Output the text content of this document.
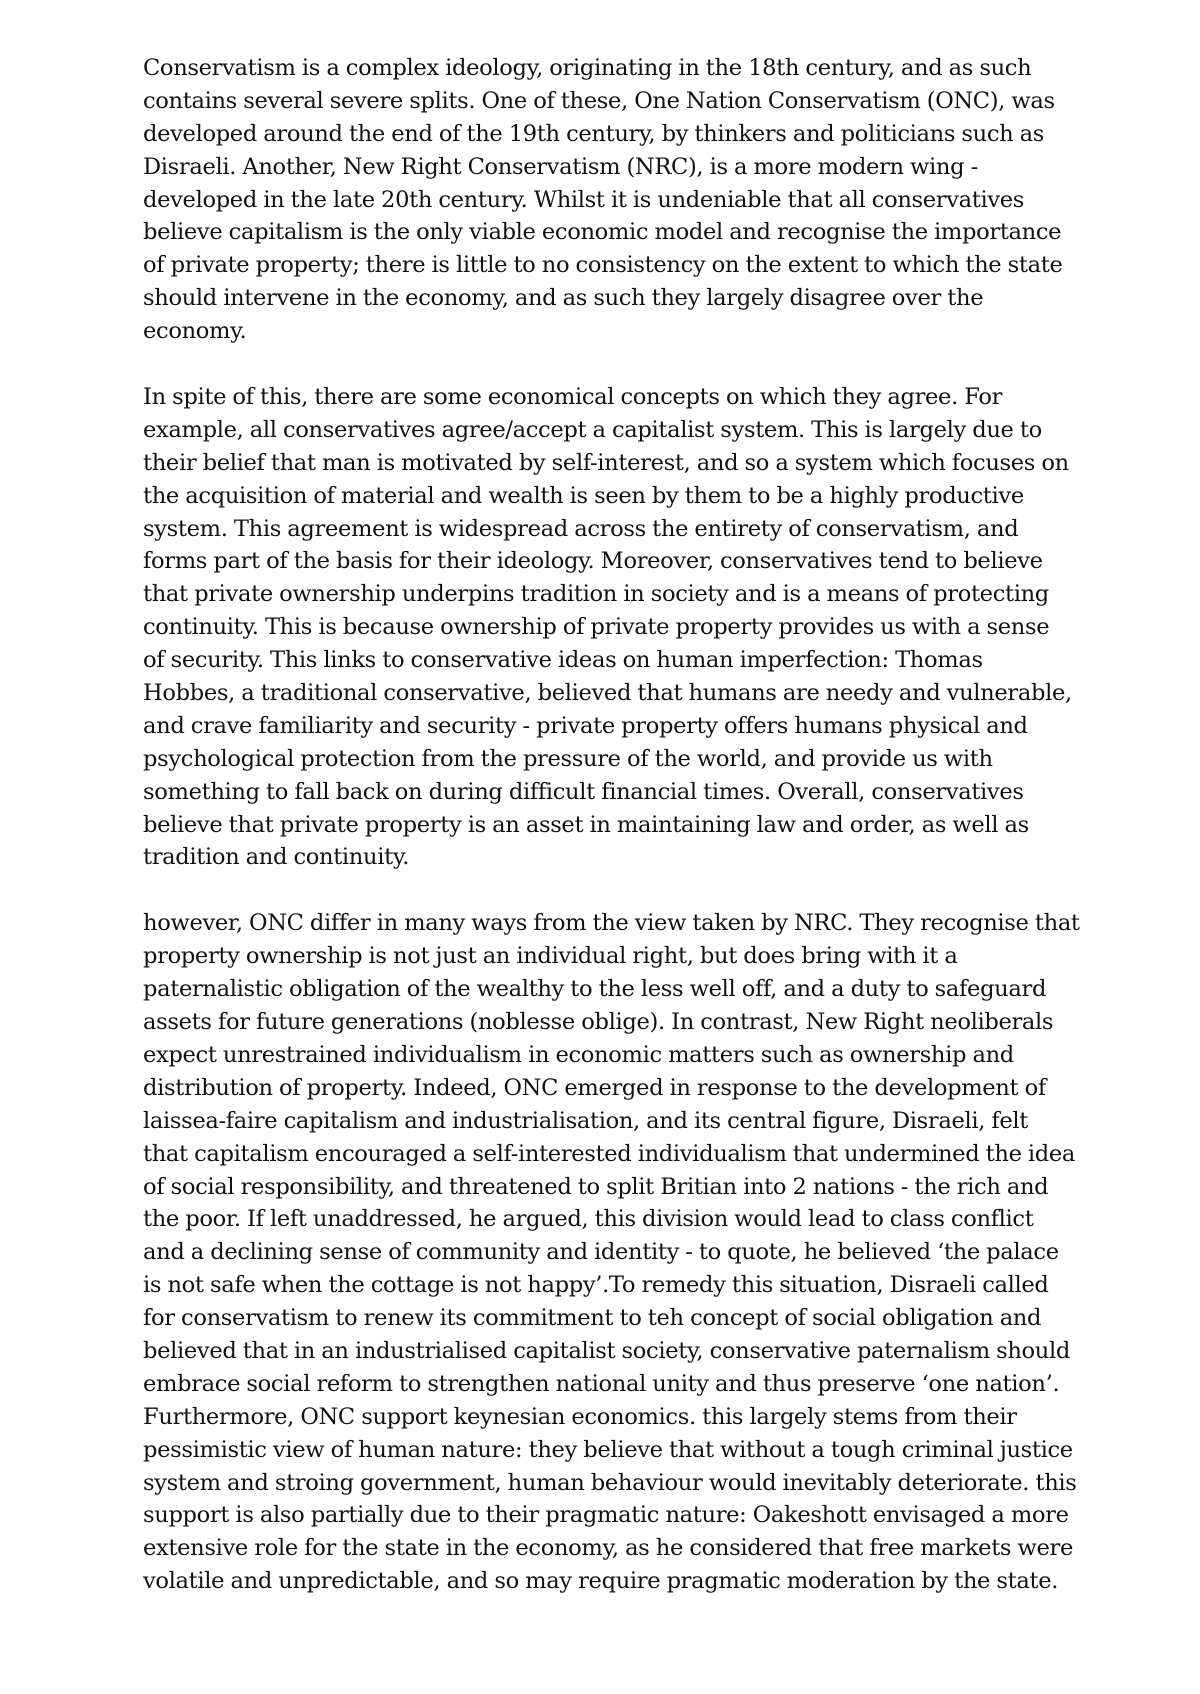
Conservatism is a complex ideology, originating in the 18th century, and as such
contains several severe splits. One of these, One Nation Conservatism (ONC), was
developed around the end of the 19th century, by thinkers and politicians such as
Disraeli. Another, New Right Conservatism (NRC), is a more modern wing -
developed in the late 20th century. Whilst it is undeniable that all conservatives
believe capitalism is the only viable economic model and recognise the importance
of private property; there is little to no consistency on the extent to which the state
should intervene in the economy, and as such they largely disagree over the
economy.
In spite of this, there are some economical concepts on which they agree. For
example, all conservatives agree/accept a capitalist system. This is largely due to
their belief that man is motivated by self-interest, and so a system which focuses on
the acquisition of material and wealth is seen by them to be a highly productive
system. This agreement is widespread across the entirety of conservatism, and
forms part of the basis for their ideology. Moreover, conservatives tend to believe
that private ownership underpins tradition in society and is a means of protecting
continuity. This is because ownership of private property provides us with a sense
of security. This links to conservative ideas on human imperfection: Thomas
Hobbes, a traditional conservative, believed that humans are needy and vulnerable,
and crave familiarity and security - private property offers humans physical and
psychological protection from the pressure of the world, and provide us with
something to fall back on during difficult financial times. Overall, conservatives
believe that private property is an asset in maintaining law and order, as well as
tradition and continuity.
however, ONC differ in many ways from the view taken by NRC. They recognise that
property ownership is not just an individual right, but does bring with it a
paternalistic obligation of the wealthy to the less well off, and a duty to safeguard
assets for future generations (noblesse oblige). In contrast, New Right neoliberals
expect unrestrained individualism in economic matters such as ownership and
distribution of property. Indeed, ONC emerged in response to the development of
laissea-faire capitalism and industrialisation, and its central figure, Disraeli, felt
that capitalism encouraged a self-interested individualism that undermined the idea
of social responsibility, and threatened to split Britian into 2 nations - the rich and
the poor. If left unaddressed, he argued, this division would lead to class conflict
and a declining sense of community and identity - to quote, he believed ‘the palace
is not safe when the cottage is not happy’.To remedy this situation, Disraeli called
for conservatism to renew its commitment to teh concept of social obligation and
believed that in an industrialised capitalist society, conservative paternalism should
embrace social reform to strengthen national unity and thus preserve ‘one nation’.
Furthermore, ONC support keynesian economics. this largely stems from their
pessimistic view of human nature: they believe that without a tough criminal justice
system and stroing government, human behaviour would inevitably deteriorate. this
support is also partially due to their pragmatic nature: Oakeshott envisaged a more
extensive role for the state in the economy, as he considered that free markets were
volatile and unpredictable, and so may require pragmatic moderation by the state.
